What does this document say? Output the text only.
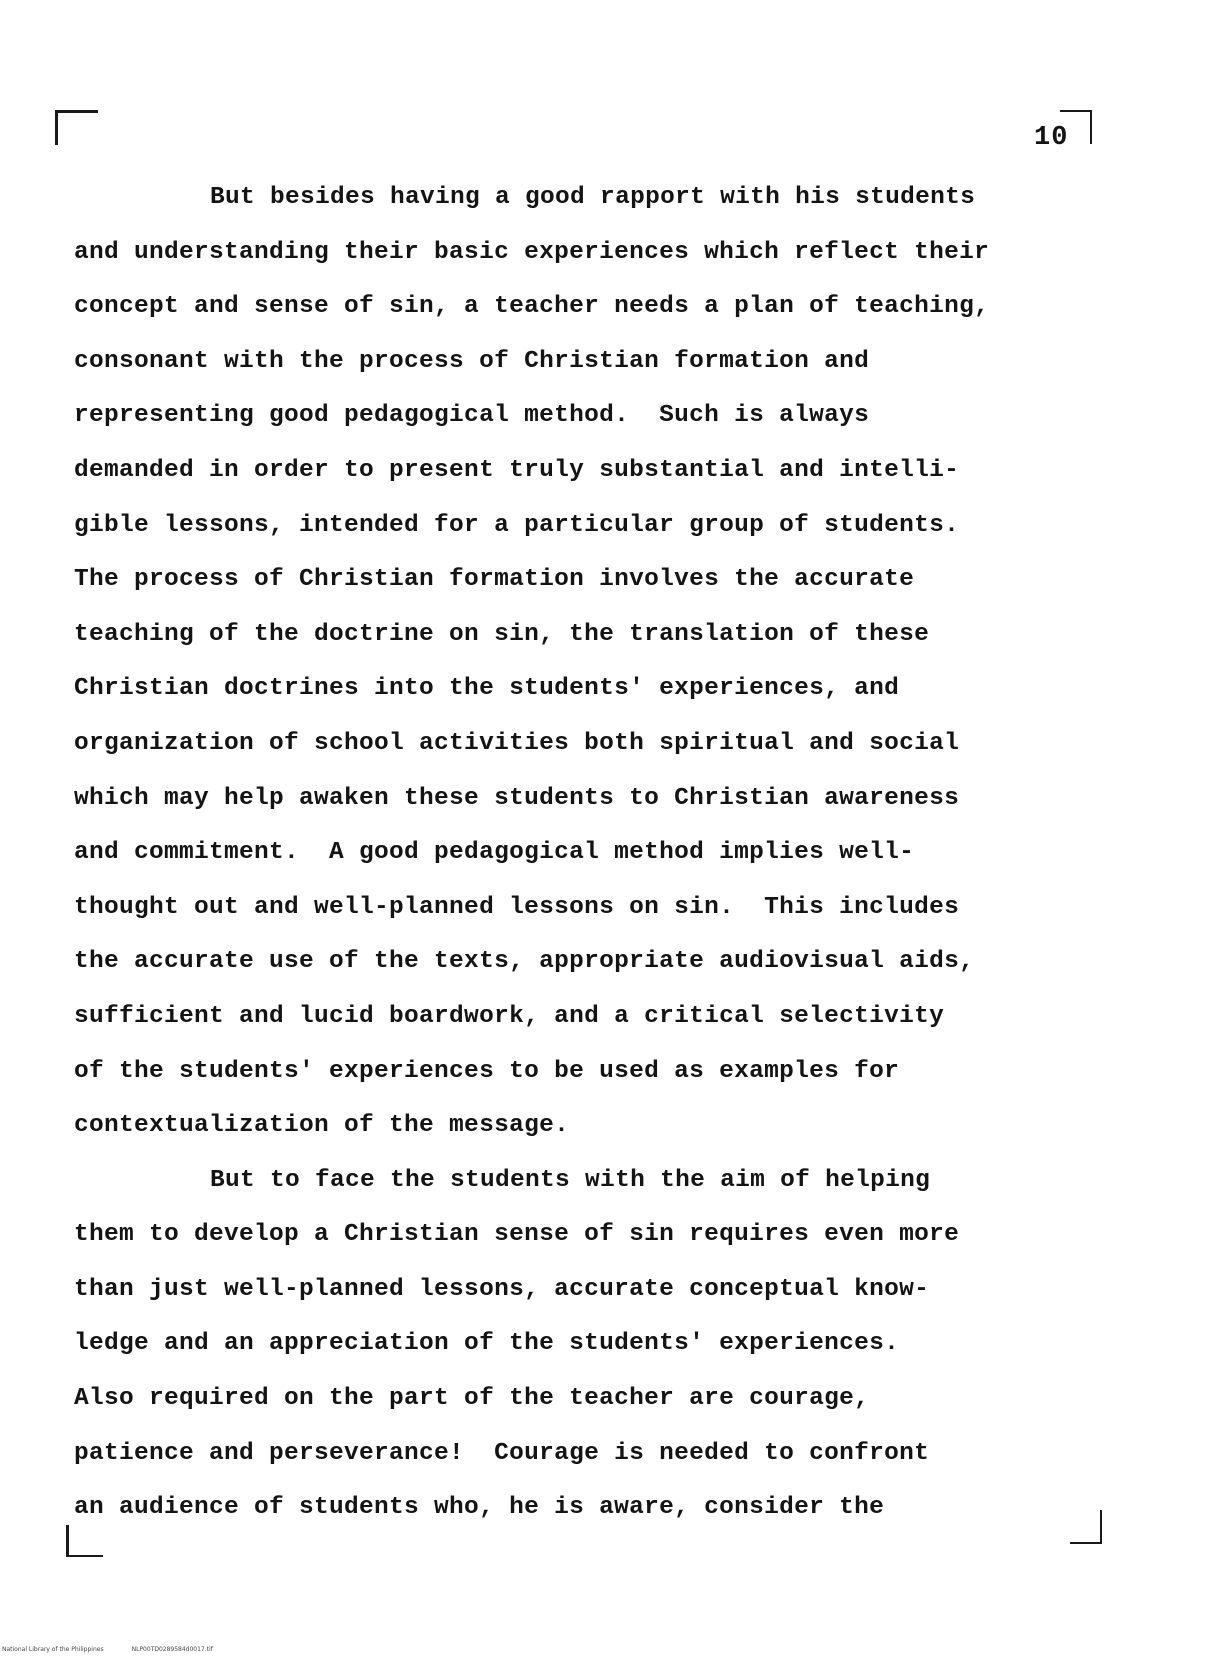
10
But besides having a good rapport with his students
and understanding their basic experiences which reflect their
concept and sense of sin, a teacher needs a plan of teaching,
consonant with the process of Christian formation and
representing good pedagogical method.  Such is always
demanded in order to present truly substantial and intelli-
gible lessons, intended for a particular group of students.
The process of Christian formation involves the accurate
teaching of the doctrine on sin, the translation of these
Christian doctrines into the students' experiences, and
organization of school activities both spiritual and social
which may help awaken these students to Christian awareness
and commitment.  A good pedagogical method implies well-
thought out and well-planned lessons on sin.  This includes
the accurate use of the texts, appropriate audiovisual aids,
sufficient and lucid boardwork, and a critical selectivity
of the students' experiences to be used as examples for
contextualization of the message.
But to face the students with the aim of helping
them to develop a Christian sense of sin requires even more
than just well-planned lessons, accurate conceptual know-
ledge and an appreciation of the students' experiences.
Also required on the part of the teacher are courage,
patience and perseverance!  Courage is needed to confront
an audience of students who, he is aware, consider the
National Library of the Philippines	NLP00TD0289584d0017.tif
